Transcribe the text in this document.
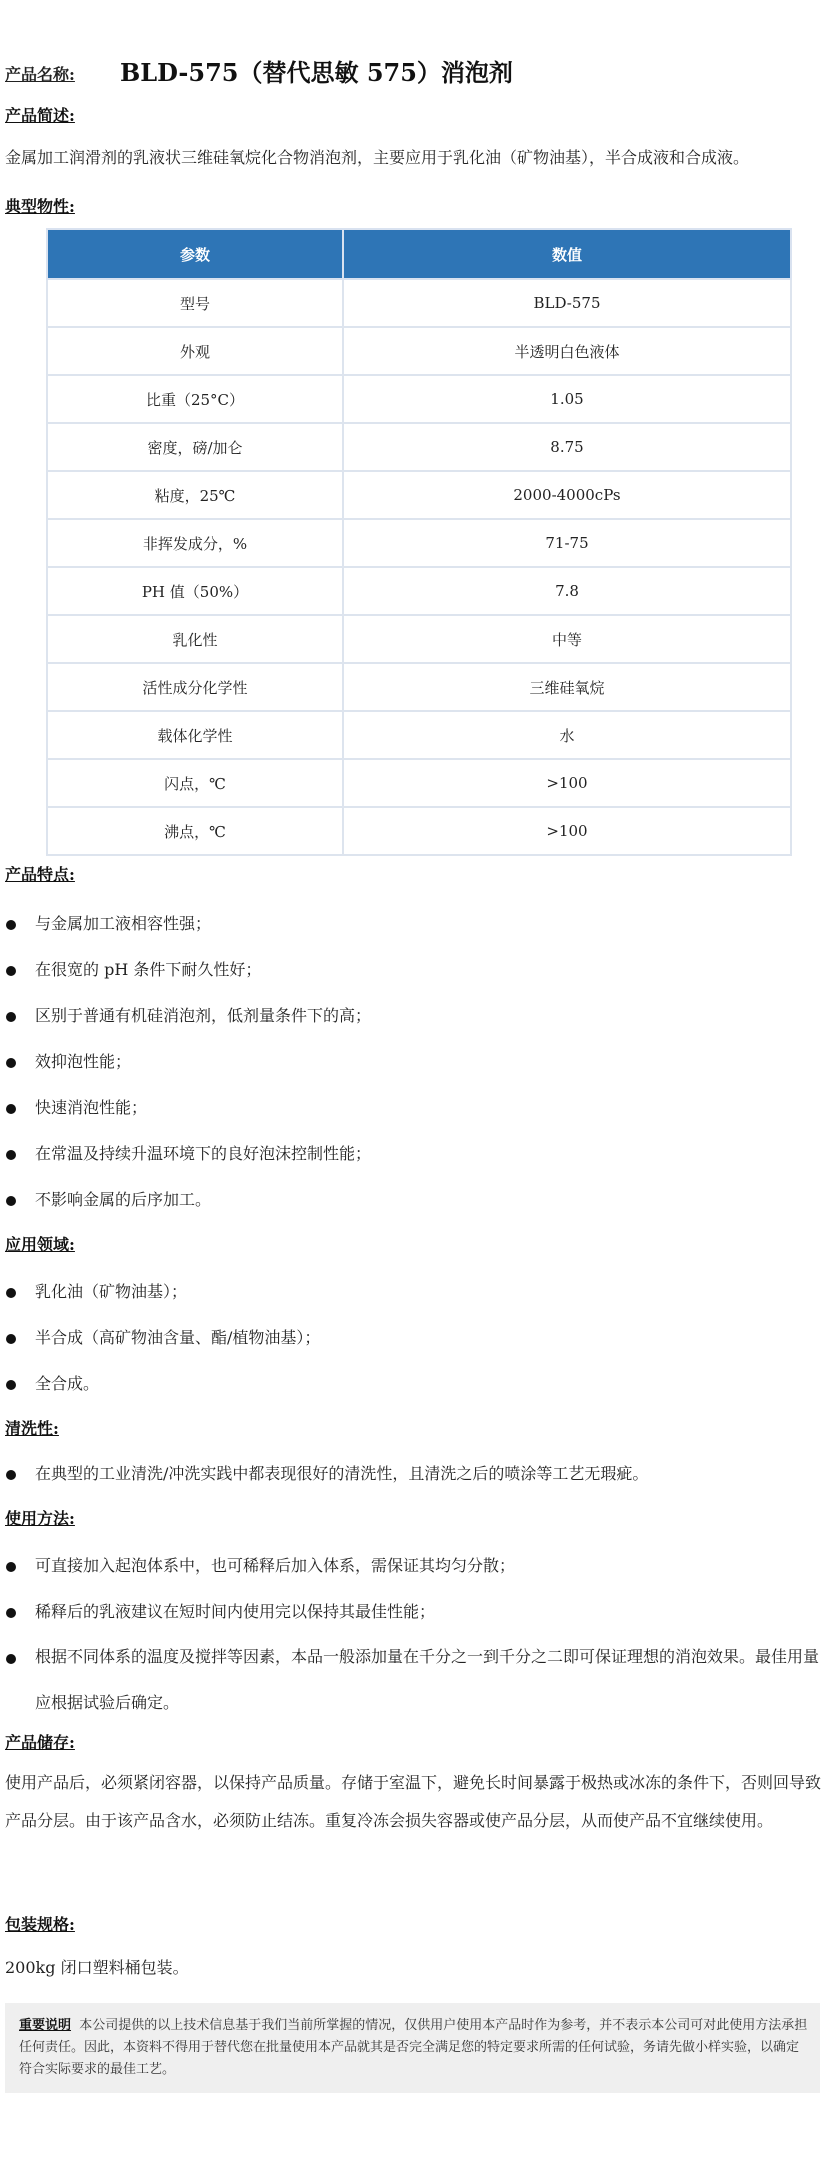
产品名称: BLD-575（替代思敏 575）消泡剂
产品简述:
金属加工润滑剂的乳液状三维硅氧烷化合物消泡剂，主要应用于乳化油（矿物油基），半合成液和合成液。
典型物性:
参数	数值
型号	BLD-575
外观	半透明白色液体
比重（25°C）	1.05
密度，磅/加仑	8.75
粘度，25℃	2000-4000cPs
非挥发成分，%	71-75
PH 值（50%）	7.8
乳化性	中等
活性成分化学性	三维硅氧烷
载体化学性	水
闪点，℃	>100
沸点，℃	>100
产品特点:
与金属加工液相容性强；
在很宽的 pH 条件下耐久性好；
区别于普通有机硅消泡剂，低剂量条件下的高；
效抑泡性能；
快速消泡性能；
在常温及持续升温环境下的良好泡沫控制性能；
不影响金属的后序加工。
应用领域:
乳化油（矿物油基）；
半合成（高矿物油含量、酯/植物油基）；
全合成。
清洗性:
在典型的工业清洗/冲洗实践中都表现很好的清洗性，且清洗之后的喷涂等工艺无瑕疵。
使用方法:
可直接加入起泡体系中，也可稀释后加入体系，需保证其均匀分散；
稀释后的乳液建议在短时间内使用完以保持其最佳性能；
根据不同体系的温度及搅拌等因素，本品一般添加量在千分之一到千分之二即可保证理想的消泡效果。最佳用量应根据试验后确定。
产品储存:
使用产品后，必须紧闭容器，以保持产品质量。存储于室温下，避免长时间暴露于极热或冰冻的条件下，否则回导致产品分层。由于该产品含水，必须防止结冻。重复冷冻会损失容器或使产品分层，从而使产品不宜继续使用。
包装规格:
200kg 闭口塑料桶包装。
重要说明 本公司提供的以上技术信息基于我们当前所掌握的情况，仅供用户使用本产品时作为参考，并不表示本公司可对此使用方法承担任何责任。因此，本资料不得用于替代您在批量使用本产品就其是否完全满足您的特定要求所需的任何试验，务请先做小样实验，以确定符合实际要求的最佳工艺。
